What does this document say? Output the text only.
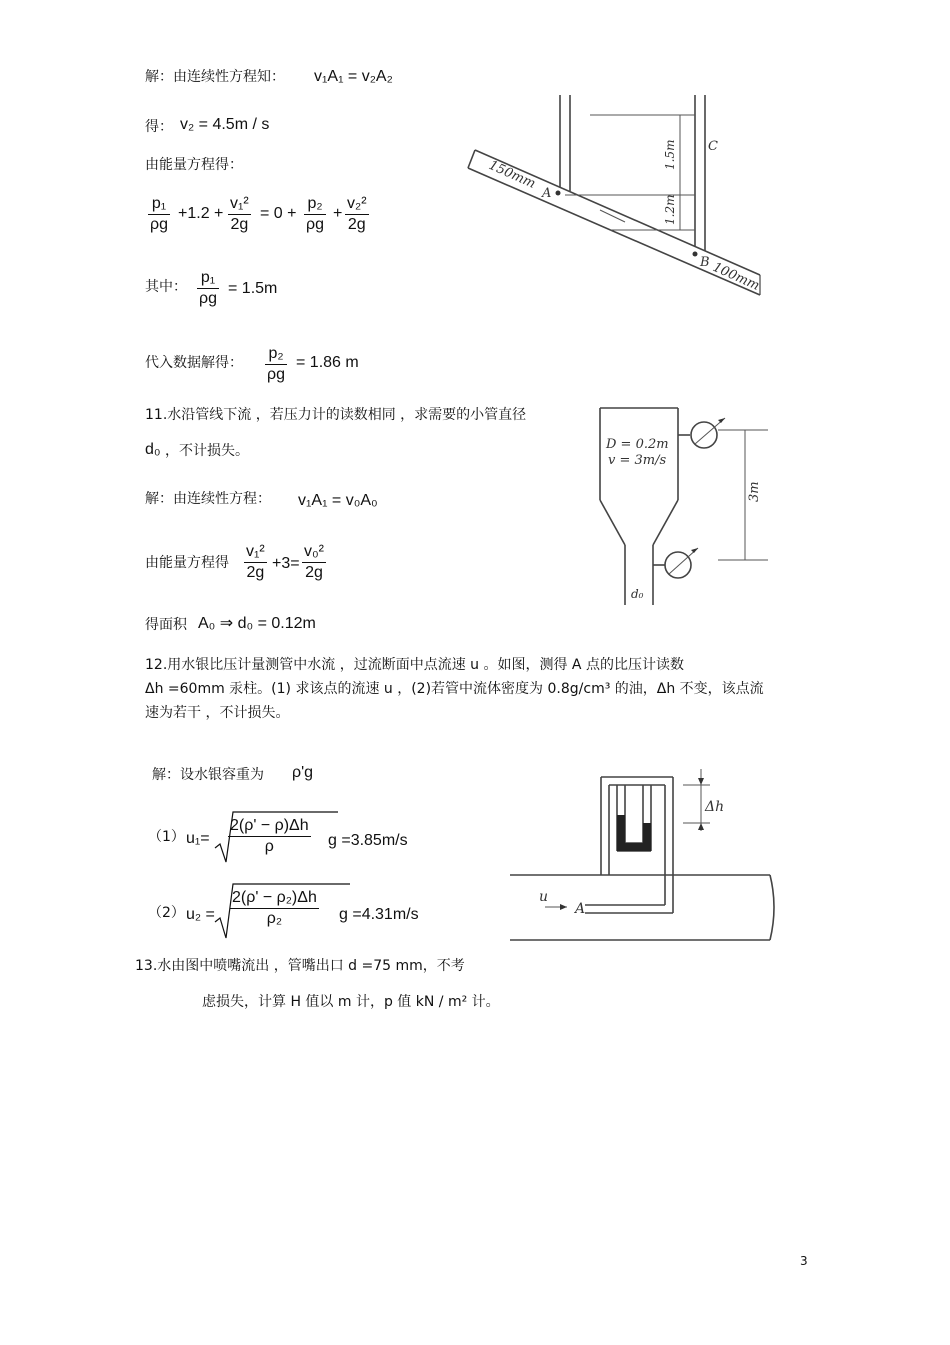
解：由连续性方程知： v₁A₁ = v₂A₂
得： v₂ = 4.5m / s
由能量方程得：
$\frac{\text{p₁}}{\rho g} +1.2 + \frac{\text{v₁²}}{2g} = 0 + \frac{\text{p₂}}{\rho g} + \frac{\text{v₂²}}{2g}$
其中： $\frac{\text{p₁}}{\rho g} = 1.5m$
代入数据解得： $\frac{\text{p₂}}{\rho g} = 1.86$ m
150mm
A
1.5m
1.2m
C
B 100mm
11.水沿管线下流 ，若压力计的读数相同 ，求需要的小管直径
d₀ ，不计损失。
解：由连续性方程： v₁A₁ = v₀A₀
由能量方程得 $\frac{\text{v₁²}}{2g} +3= \frac{\text{v₀²}}{2g}$
得面积 A₀ ⇒ d₀ = 0.12m
D = 0.2m
v = 3m/s
3m
d₀
12.用水银比压计量测管中水流 ，过流断面中点流速 u 。如图，测得 A 点的比压计读数
Δh =60mm 汞柱。(1) 求该点的流速 u ，(2)若管中流体密度为 0.8g/cm³ 的油，Δh 不变，该点流
速为若干 ，不计损失。
解：设水银容重为 ρ'g
（1） $u_1= \frac{2(\rho' - \rho)\Delta h}{\rho}$ g =3.85m/s
（2） $u_2 = \frac{\text{2(ρ' − ρ₂)Δh}}{\text{ρ₂}}$ g =4.31m/s
Δh
u
A
13.水由图中喷嘴流出 ，管嘴出口 d =75 mm，不考
虑损失，计算 H 值以 m 计，p 值 kN / m² 计。
3
